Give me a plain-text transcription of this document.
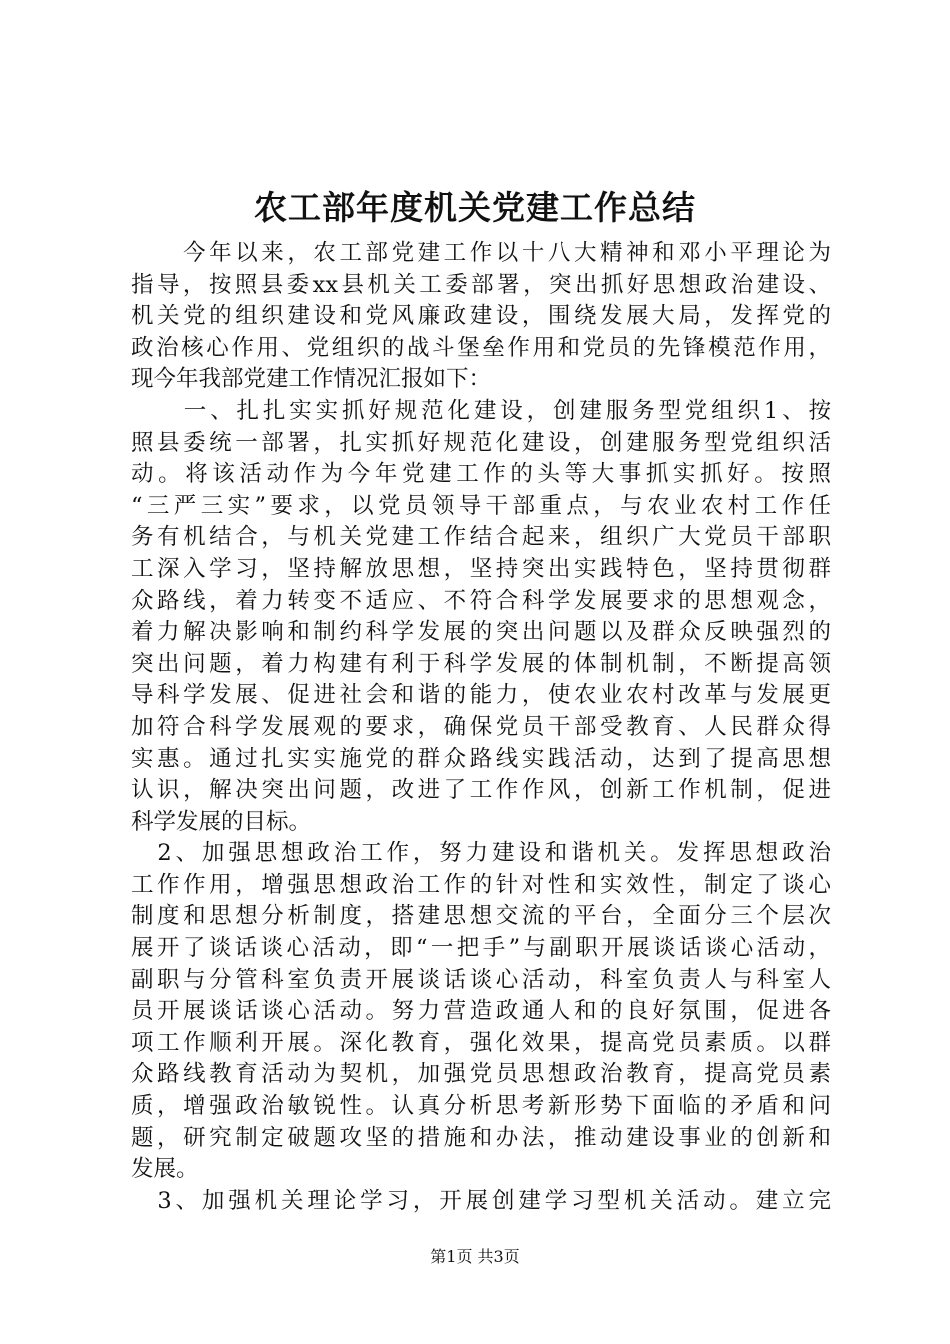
农工部年度机关党建工作总结
　　今年以来，农工部党建工作以十八大精神和邓小平理论为
指导，按照县委xx县机关工委部署，突出抓好思想政治建设、
机关党的组织建设和党风廉政建设，围绕发展大局，发挥党的
政治核心作用、党组织的战斗堡垒作用和党员的先锋模范作用，
现今年我部党建工作情况汇报如下：
　　一、扎扎实实抓好规范化建设，创建服务型党组织1、按
照县委统一部署，扎实抓好规范化建设，创建服务型党组织活
动。将该活动作为今年党建工作的头等大事抓实抓好。按照
“三严三实”要求，以党员领导干部重点，与农业农村工作任
务有机结合，与机关党建工作结合起来，组织广大党员干部职
工深入学习，坚持解放思想，坚持突出实践特色，坚持贯彻群
众路线，着力转变不适应、不符合科学发展要求的思想观念，
着力解决影响和制约科学发展的突出问题以及群众反映强烈的
突出问题，着力构建有利于科学发展的体制机制，不断提高领
导科学发展、促进社会和谐的能力，使农业农村改革与发展更
加符合科学发展观的要求，确保党员干部受教育、人民群众得
实惠。通过扎实实施党的群众路线实践活动，达到了提高思想
认识，解决突出问题，改进了工作作风，创新工作机制，促进
科学发展的目标。
　2、加强思想政治工作，努力建设和谐机关。发挥思想政治
工作作用，增强思想政治工作的针对性和实效性，制定了谈心
制度和思想分析制度，搭建思想交流的平台，全面分三个层次
展开了谈话谈心活动，即“一把手”与副职开展谈话谈心活动，
副职与分管科室负责开展谈话谈心活动，科室负责人与科室人
员开展谈话谈心活动。努力营造政通人和的良好氛围，促进各
项工作顺利开展。深化教育，强化效果，提高党员素质。以群
众路线教育活动为契机，加强党员思想政治教育，提高党员素
质，增强政治敏锐性。认真分析思考新形势下面临的矛盾和问
题，研究制定破题攻坚的措施和办法，推动建设事业的创新和
发展。
　3、加强机关理论学习，开展创建学习型机关活动。建立完
第1页 共3页
